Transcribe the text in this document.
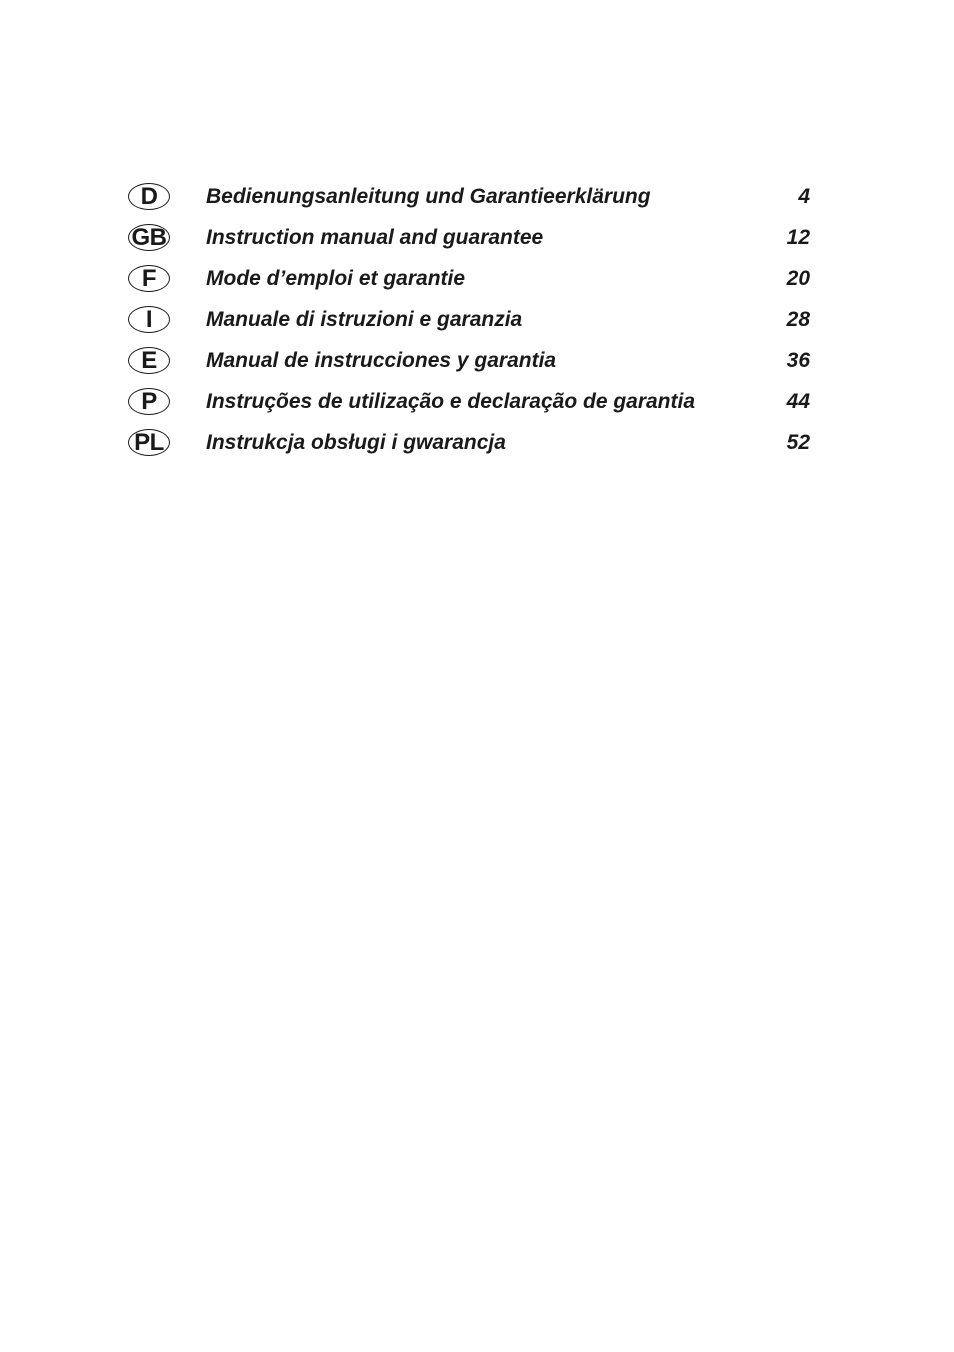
D	Bedienungsanleitung und Garantieerklärung	4
GB Instruction manual and guarantee	12
F	Mode d’emploi et garantie	20
I	Manuale di istruzioni e garanzia	28
E	Manual de instrucciones y garantia	36
P	Instruções de utilização e declaração de garantia	44
PL Instrukcja obsługi i gwarancja	52
